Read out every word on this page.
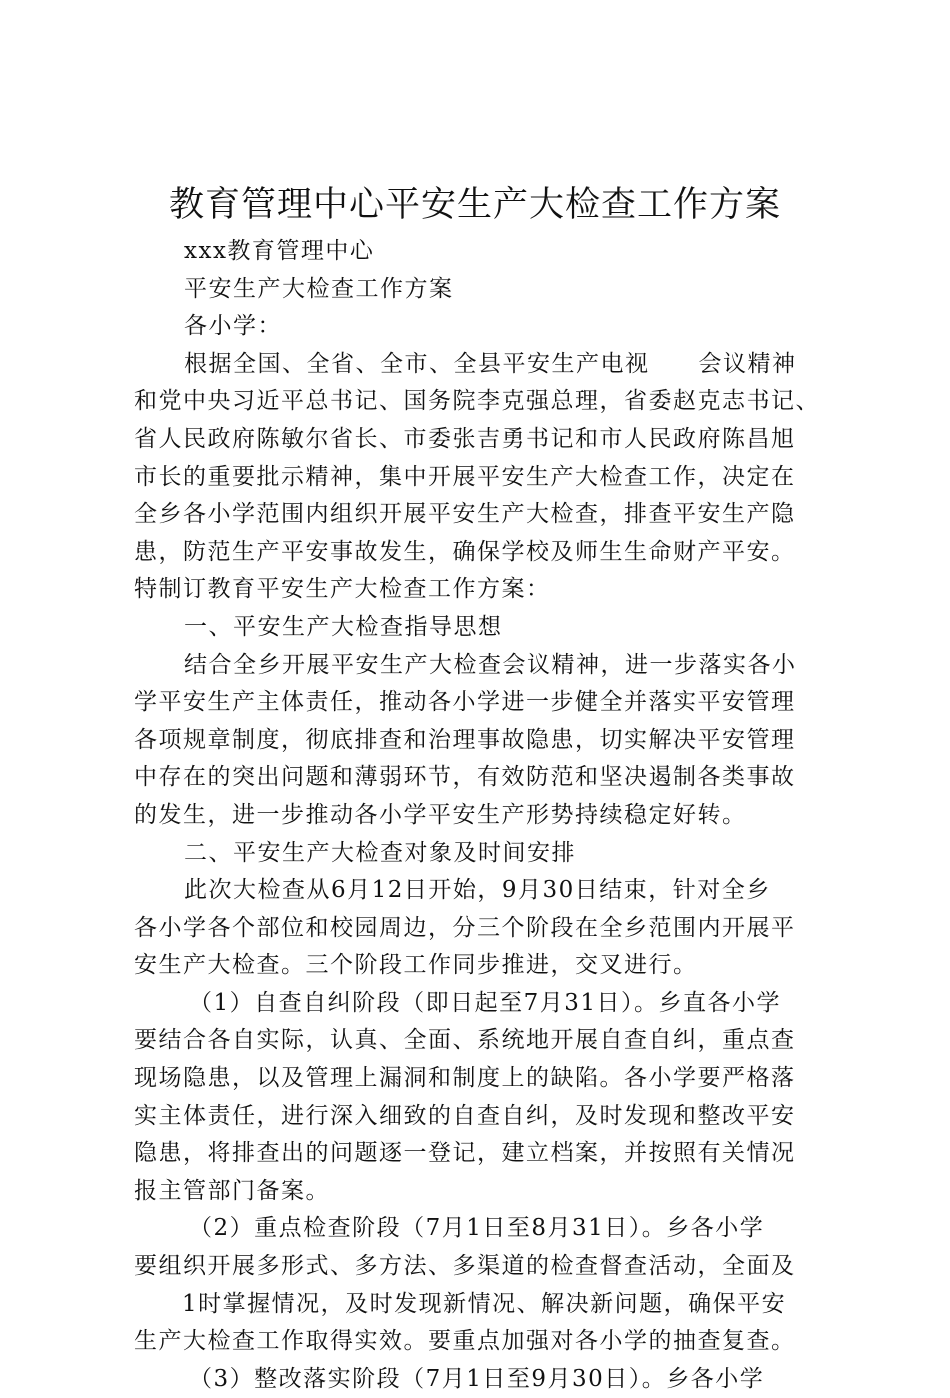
教育管理中心平安生产大检查工作方案
xxx教育管理中心
平安生产大检查工作方案
各小学：
根据全国、全省、全市、全县平安生产电视　　会议精神
和党中央习近平总书记、国务院李克强总理，省委赵克志书记、
省人民政府陈敏尔省长、市委张吉勇书记和市人民政府陈昌旭
市长的重要批示精神，集中开展平安生产大检查工作，决定在
全乡各小学范围内组织开展平安生产大检查，排查平安生产隐
患，防范生产平安事故发生，确保学校及师生生命财产平安。
特制订教育平安生产大检查工作方案：
一、平安生产大检查指导思想
结合全乡开展平安生产大检查会议精神，进一步落实各小
学平安生产主体责任，推动各小学进一步健全并落实平安管理
各项规章制度，彻底排查和治理事故隐患，切实解决平安管理
中存在的突出问题和薄弱环节，有效防范和坚决遏制各类事故
的发生，进一步推动各小学平安生产形势持续稳定好转。
二、平安生产大检查对象及时间安排
此次大检查从6月12日开始，9月30日结束，针对全乡
各小学各个部位和校园周边，分三个阶段在全乡范围内开展平
安生产大检查。三个阶段工作同步推进，交叉进行。
（1）自查自纠阶段（即日起至7月31日）。乡直各小学
要结合各自实际，认真、全面、系统地开展自查自纠，重点查
现场隐患，以及管理上漏洞和制度上的缺陷。各小学要严格落
实主体责任，进行深入细致的自查自纠，及时发现和整改平安
隐患，将排查出的问题逐一登记，建立档案，并按照有关情况
报主管部门备案。
（2）重点检查阶段（7月1日至8月31日）。乡各小学
要组织开展多形式、多方法、多渠道的检查督查活动，全面及
1时掌握情况，及时发现新情况、解决新问题，确保平安
生产大检查工作取得实效。要重点加强对各小学的抽查复查。
（3）整改落实阶段（7月1日至9月30日）。乡各小学
